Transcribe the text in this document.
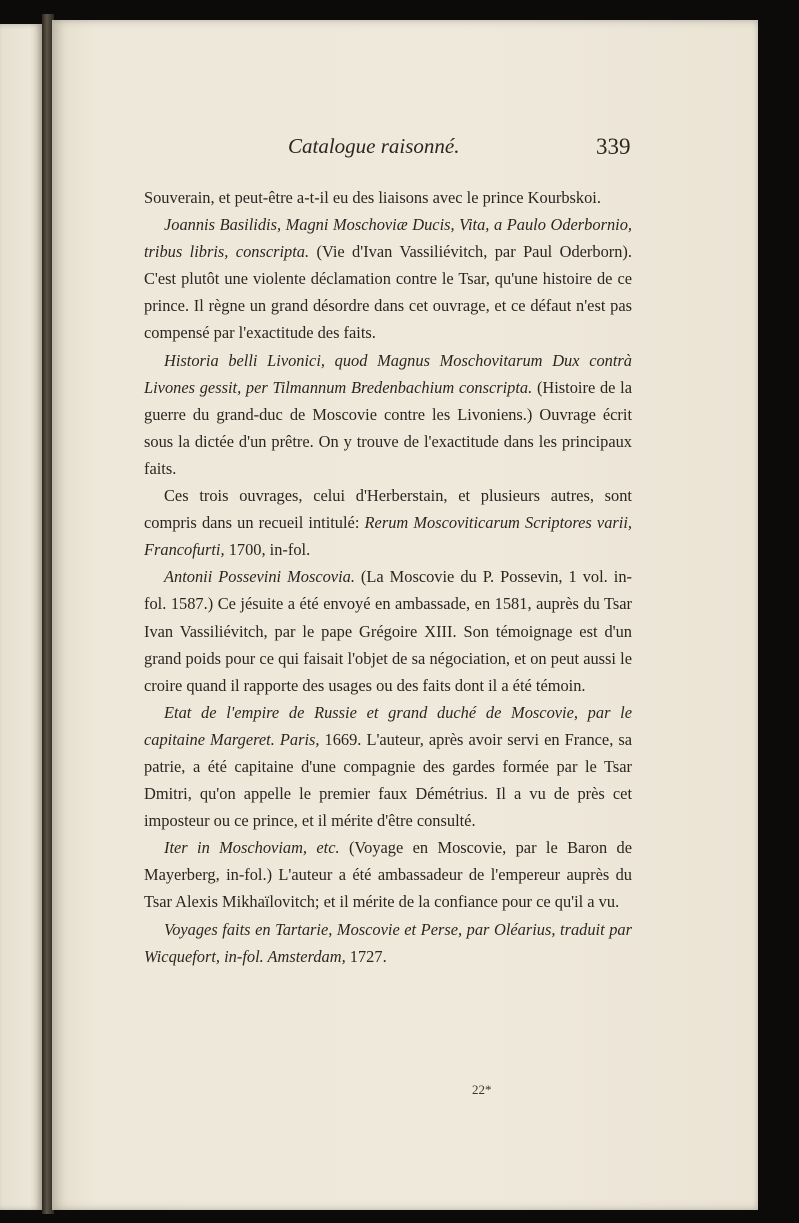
Catalogue raisonné.	339

Souverain, et peut-être a-t-il eu des liaisons avec le prince Kourbskoi.

Joannis Basilidis, Magni Moschoviæ Ducis, Vita, a Paulo Oderbornio, tribus libris, conscripta. (Vie d'Ivan Vassiliévitch, par Paul Oderborn). C'est plutôt une violente déclamation contre le Tsar, qu'une histoire de ce prince. Il règne un grand désordre dans cet ouvrage, et ce défaut n'est pas compensé par l'exactitude des faits.

Historia belli Livonici, quod Magnus Moschovitarum Dux contrà Livones gessit, per Tilmannum Bredenbachium conscripta. (Histoire de la guerre du grand-duc de Moscovie contre les Livoniens.) Ouvrage écrit sous la dictée d'un prêtre. On y trouve de l'exactitude dans les principaux faits.

Ces trois ouvrages, celui d'Herberstain, et plusieurs autres, sont compris dans un recueil intitulé: Rerum Moscoviticarum Scriptores varii, Francofurti, 1700, in-fol.

Antonii Possevini Moscovia. (La Moscovie du P. Possevin, 1 vol. in-fol. 1587.) Ce jésuite a été envoyé en ambassade, en 1581, auprès du Tsar Ivan Vassiliévitch, par le pape Grégoire XIII. Son témoignage est d'un grand poids pour ce qui faisait l'objet de sa négociation, et on peut aussi le croire quand il rapporte des usages ou des faits dont il a été témoin.

Etat de l'empire de Russie et grand duché de Moscovie, par le capitaine Margeret. Paris, 1669. L'auteur, après avoir servi en France, sa patrie, a été capitaine d'une compagnie des gardes formée par le Tsar Dmitri, qu'on appelle le premier faux Démétrius. Il a vu de près cet imposteur ou ce prince, et il mérite d'être consulté.

Iter in Moschoviam, etc. (Voyage en Moscovie, par le Baron de Mayerberg, in-fol.) L'auteur a été ambassadeur de l'empereur auprès du Tsar Alexis Mikhaïlovitch; et il mérite de la confiance pour ce qu'il a vu.

Voyages faits en Tartarie, Moscovie et Perse, par Oléarius, traduit par Wicquefort, in-fol. Amsterdam, 1727.

22*
